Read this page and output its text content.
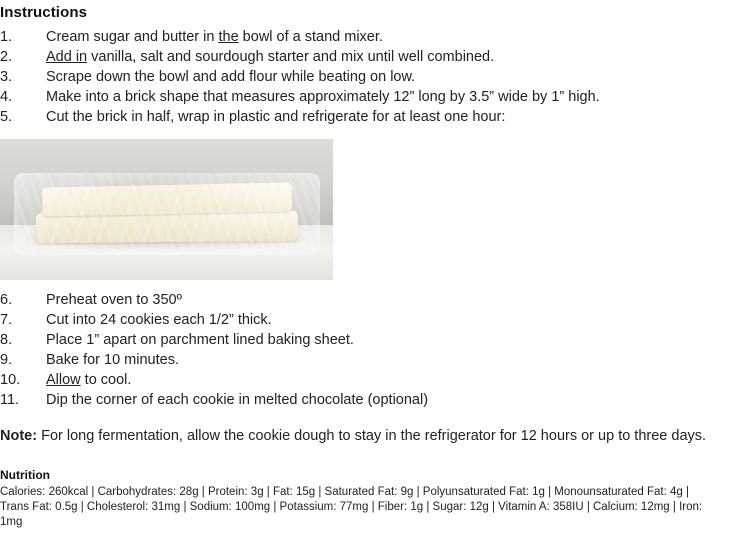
Instructions
1.	Cream sugar and butter in the bowl of a stand mixer.
2.	Add in vanilla, salt and sourdough starter and mix until well combined.
3.	Scrape down the bowl and add flour while beating on low.
4.	Make into a brick shape that measures approximately 12” long by 3.5” wide by 1” high.
5.	Cut the brick in half, wrap in plastic and refrigerate for at least one hour:
6.	Preheat oven to 350º
7.	Cut into 24 cookies each 1/2” thick.
8.	Place 1” apart on parchment lined baking sheet.
9.	Bake for 10 minutes.
10.	Allow to cool.
11.	Dip the corner of each cookie in melted chocolate (optional)
Note: For long fermentation, allow the cookie dough to stay in the refrigerator for 12 hours or up to three days.
Nutrition
Calories: 260kcal | Carbohydrates: 28g | Protein: 3g | Fat: 15g | Saturated Fat: 9g | Polyunsaturated Fat: 1g | Monounsaturated Fat: 4g | Trans Fat: 0.5g | Cholesterol: 31mg | Sodium: 100mg | Potassium: 77mg | Fiber: 1g | Sugar: 12g | Vitamin A: 358IU | Calcium: 12mg | Iron: 1mg
